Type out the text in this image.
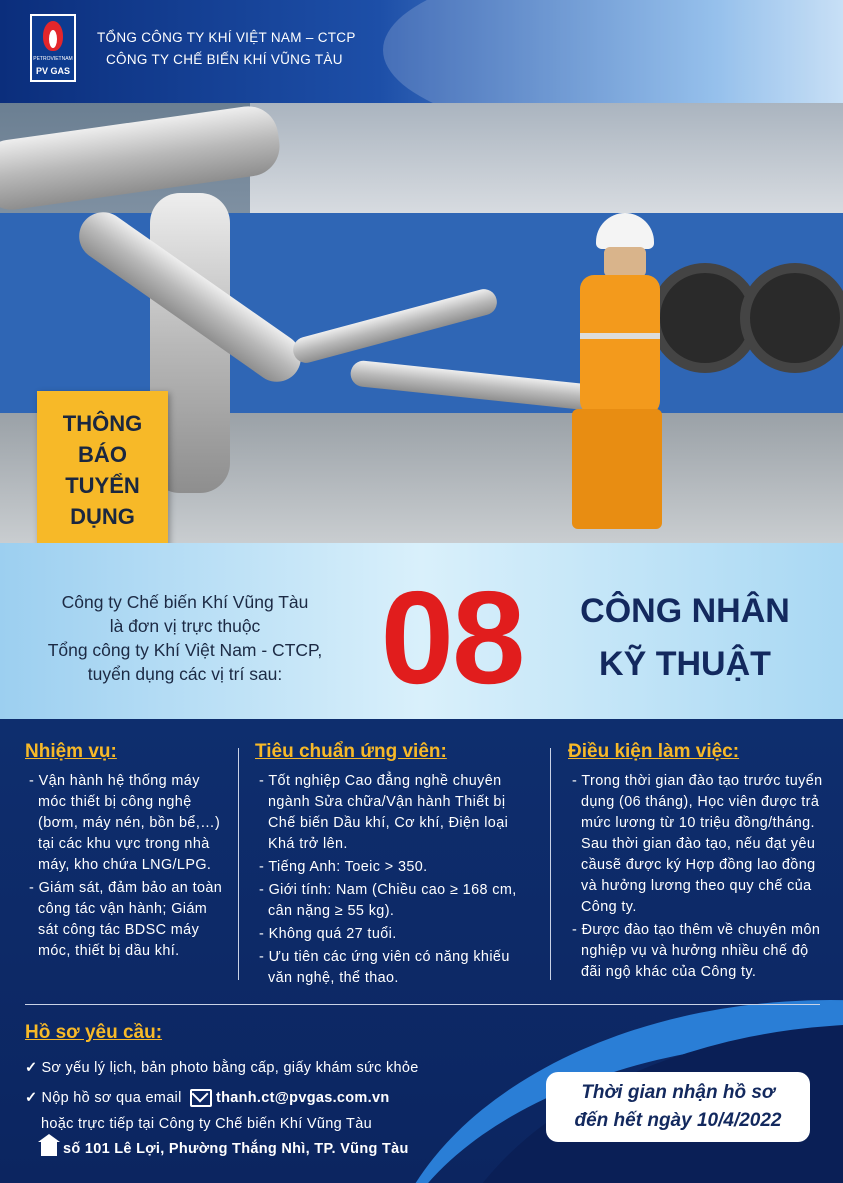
PETROVIETNAM
PV GAS
TỔNG CÔNG TY KHÍ VIỆT NAM – CTCP
CÔNG TY CHẾ BIẾN KHÍ VŨNG TÀU
THÔNG
BÁO
TUYỂN
DỤNG
Công ty Chế biến Khí Vũng Tàu
là đơn vị trực thuộc
Tổng công ty Khí Việt Nam - CTCP,
tuyển dụng các vị trí sau: 08	CÔNG NHÂN
KỸ THUẬT
Nhiệm vụ:
- Vận hành hệ thống máy móc thiết bị công nghệ (bơm, máy nén, bồn bể,…) tại các khu vực trong nhà máy, kho chứa LNG/LPG.
- Giám sát, đảm bảo an toàn công tác vận hành; Giám sát công tác BDSC máy móc, thiết bị dầu khí.
Tiêu chuẩn ứng viên:
- Tốt nghiệp Cao đẳng nghề chuyên ngành Sửa chữa/Vận hành Thiết bị Chế biến Dầu khí, Cơ khí, Điện loại Khá trở lên.
- Tiếng Anh: Toeic > 350.
- Giới tính: Nam (Chiều cao ≥ 168 cm, cân nặng ≥ 55 kg).
- Không quá 27 tuổi.
- Ưu tiên các ứng viên có năng khiếu văn nghệ, thể thao.
Điều kiện làm việc:
- Trong thời gian đào tạo trước tuyển dụng (06 tháng), Học viên được trả mức lương từ 10 triệu đồng/tháng. Sau thời gian đào tạo, nếu đạt yêu cầusẽ được ký Hợp đồng lao đồng và hưởng lương theo quy chế của Công ty.
- Được đào tạo thêm về chuyên môn nghiệp vụ và hưởng nhiều chế độ đãi ngộ khác của Công ty.
Hồ sơ yêu cầu:
✓ Sơ yếu lý lịch, bản photo bằng cấp, giấy khám sức khỏe
✓ Nộp hồ sơ qua email thanh.ct@pvgas.com.vn
hoặc trực tiếp tại Công ty Chế biến Khí Vũng Tàu
số 101 Lê Lợi, Phường Thắng Nhì, TP. Vũng Tàu
Thời gian nhận hồ sơ
đến hết ngày 10/4/2022
